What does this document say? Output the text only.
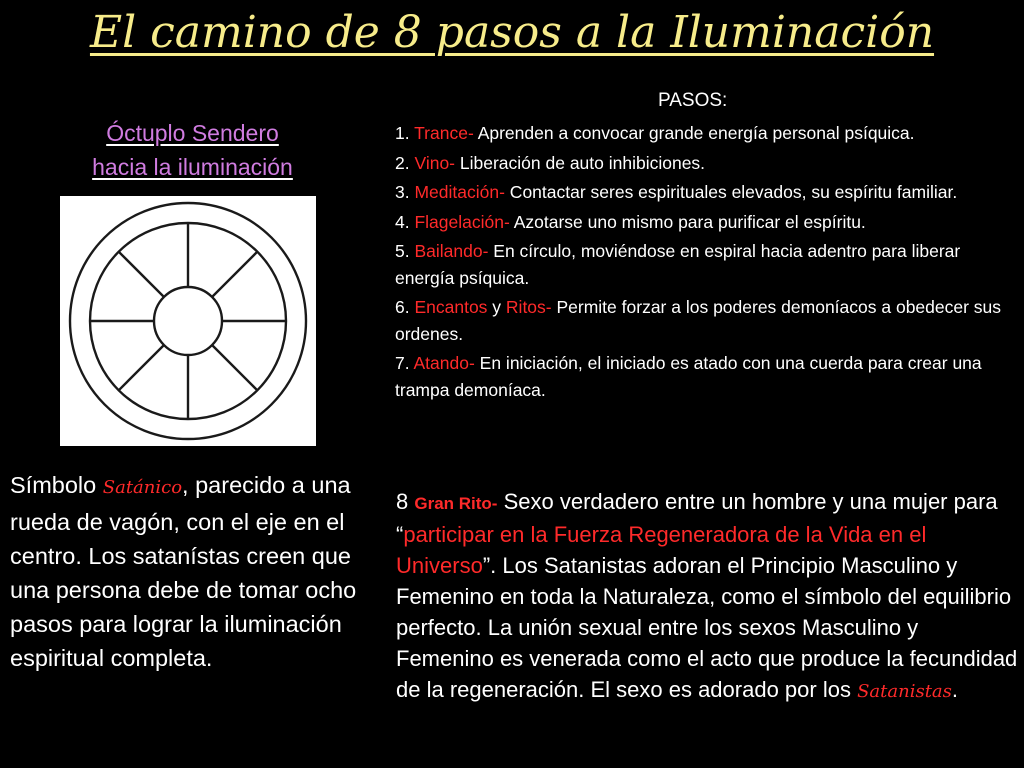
El camino de 8 pasos a la Iluminación
Óctuplo Sendero
hacia la iluminación
Símbolo Satánico, parecido a una rueda de vagón, con el eje en el centro. Los satanístas creen que una persona debe de tomar ocho pasos para lograr la iluminación espiritual completa.
PASOS:
1. Trance- Aprenden a convocar grande energía personal psíquica.
2. Vino- Liberación de auto inhibiciones.
3. Meditación- Contactar seres espirituales elevados, su espíritu familiar.
4. Flagelación- Azotarse uno mismo para purificar el espíritu.
5. Bailando- En círculo, moviéndose en espiral hacia adentro para liberar energía psíquica.
6. Encantos y Ritos- Permite forzar a los poderes demoníacos a obedecer sus ordenes.
7. Atando- En iniciación, el iniciado es atado con una cuerda para crear una trampa demoníaca.
8 Gran Rito- Sexo verdadero entre un hombre y una mujer para “participar en la Fuerza Regeneradora de la Vida en el Universo”. Los Satanistas adoran el Principio Masculino y Femenino en toda la Naturaleza, como el símbolo del equilibrio perfecto. La unión sexual entre los sexos Masculino y Femenino es venerada como el acto que produce la fecundidad de la regeneración. El sexo es adorado por los Satanistas.
